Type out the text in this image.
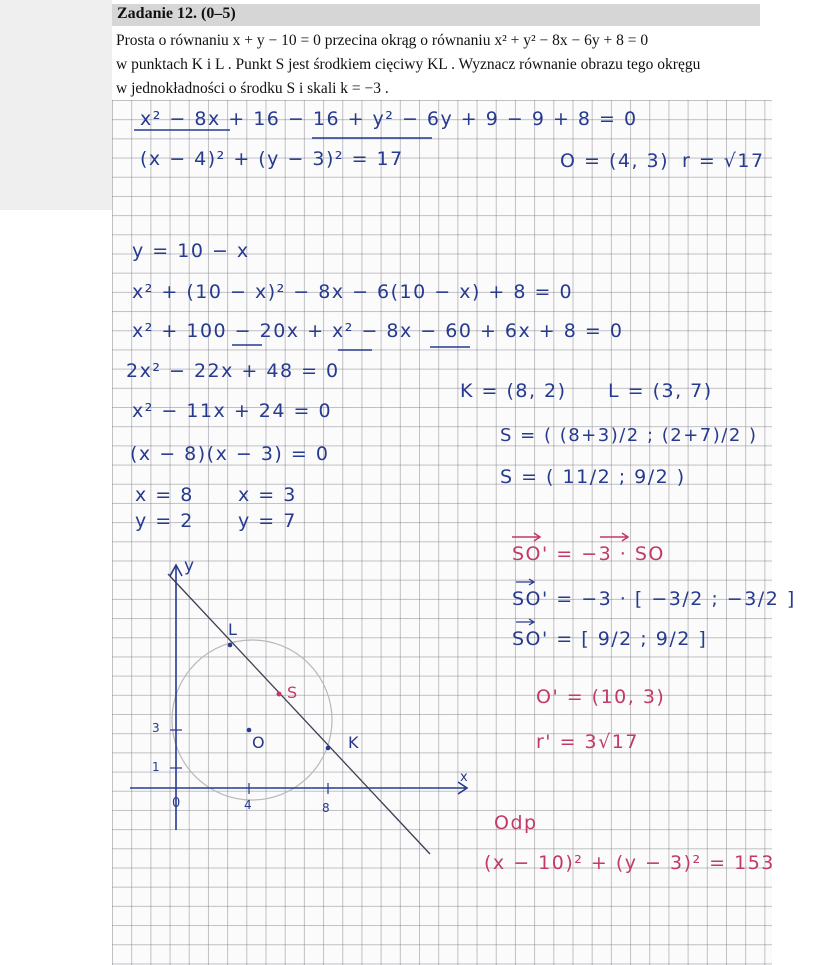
Zadanie 12. (0–5)
Prosta o równaniu x + y − 10 = 0 przecina okrąg o równaniu x² + y² − 8x − 6y + 8 = 0
w punktach K i L . Punkt S jest środkiem cięciwy KL . Wyznacz równanie obrazu tego okręgu
w jednokładności o środku S i skali k = −3 .
x² − 8x + 16 − 16 + y² − 6y + 9 − 9 + 8 = 0
(x − 4)² + (y − 3)² = 17	O = (4, 3) r = √17
y = 10 − x
x² + (10 − x)² − 8x − 6(10 − x) + 8 = 0
x² + 100 − 20x + x² − 8x − 60 + 6x + 8 = 0
2x² − 22x + 48 = 0
x² − 11x + 24 = 0
(x − 8)(x − 3) = 0
x = 8 x = 3
y = 2 y = 7
K = (8, 2) L = (3, 7)
S = ( (8+3)/2 ; (2+7)/2 )
S = ( 11/2 ; 9/2 )
SO' = −3 · SO
SO' = −3 · [ −3/2 ; −3/2 ]
SO' = [ 9/2 ; 9/2 ]
O' = (10, 3)
r' = 3√17
Odp
(x − 10)² + (y − 3)² = 153
y
x
0	4	8
3
1
L
K
S
O
